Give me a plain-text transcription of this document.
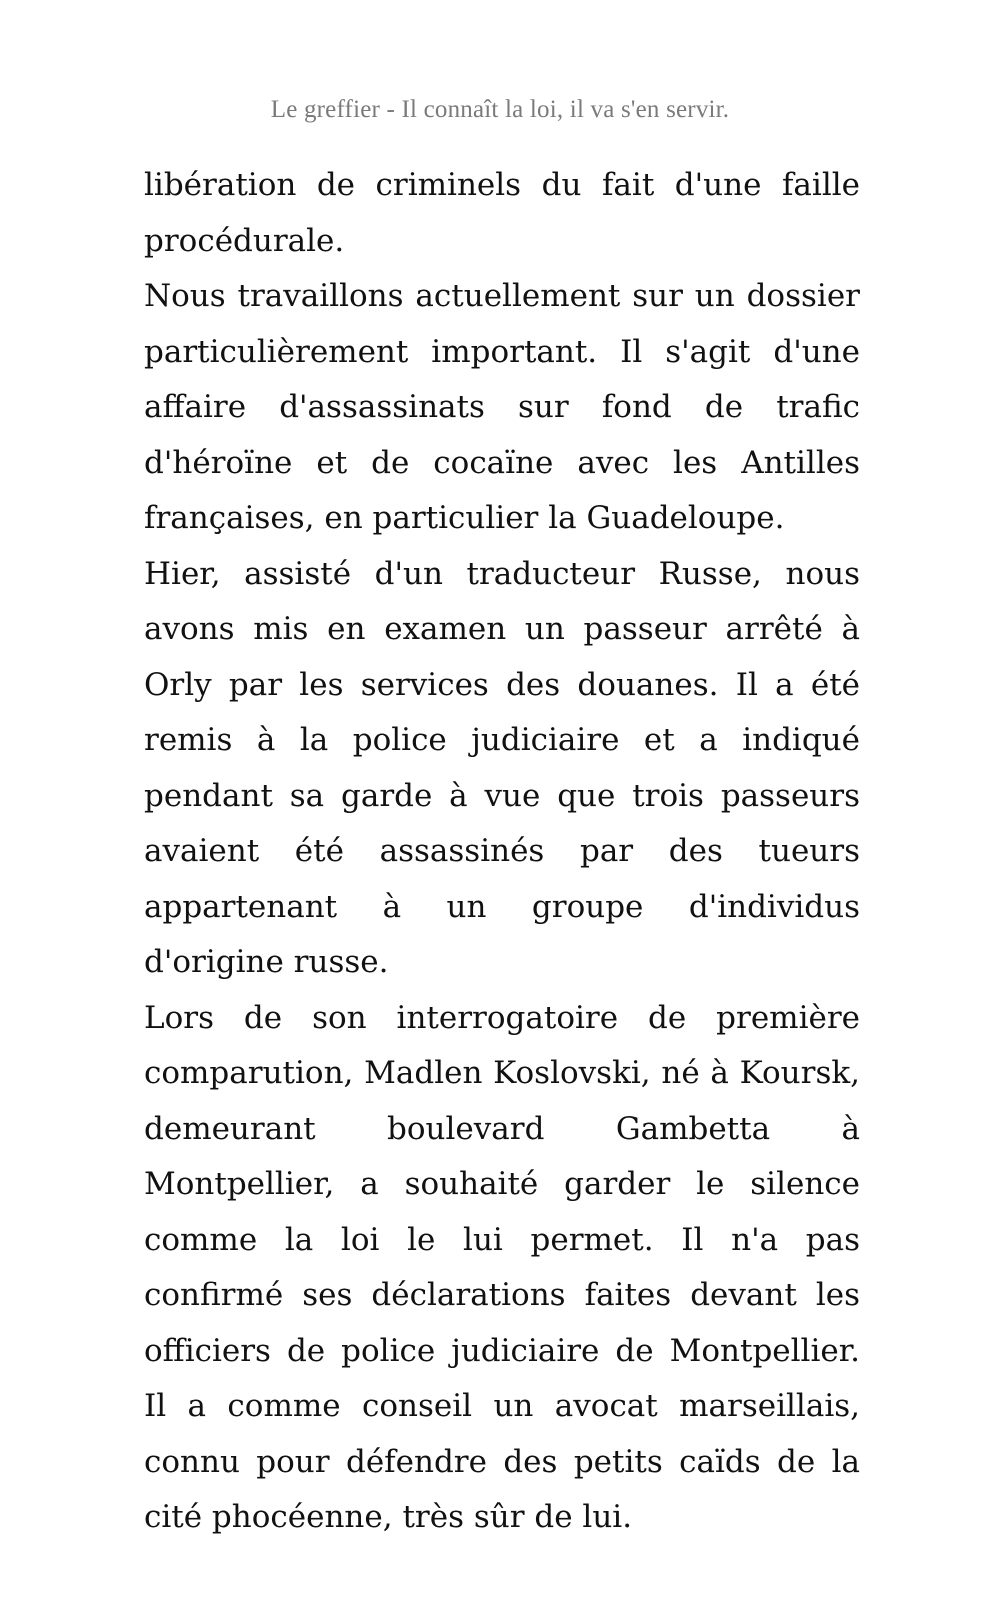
Le greffier - Il connaît la loi, il va s'en servir.

libération de criminels du fait d'une faille procédurale.

Nous travaillons actuellement sur un dossier particulièrement important. Il s'agit d'une affaire d'assassinats sur fond de trafic d'héroïne et de cocaïne avec les Antilles françaises, en particulier la Guadeloupe.

Hier, assisté d'un traducteur Russe, nous avons mis en examen un passeur arrêté à Orly par les services des douanes. Il a été remis à la police judiciaire et a indiqué pendant sa garde à vue que trois passeurs avaient été assassinés par des tueurs appartenant à un groupe d'individus d'origine russe.

Lors de son interrogatoire de première comparution, Madlen Koslovski, né à Koursk, demeurant boulevard Gambetta à Montpellier, a souhaité garder le silence comme la loi le lui permet. Il n'a pas confirmé ses déclarations faites devant les officiers de police judiciaire de Montpellier. Il a comme conseil un avocat marseillais, connu pour défendre des petits caïds de la cité phocéenne, très sûr de lui.
